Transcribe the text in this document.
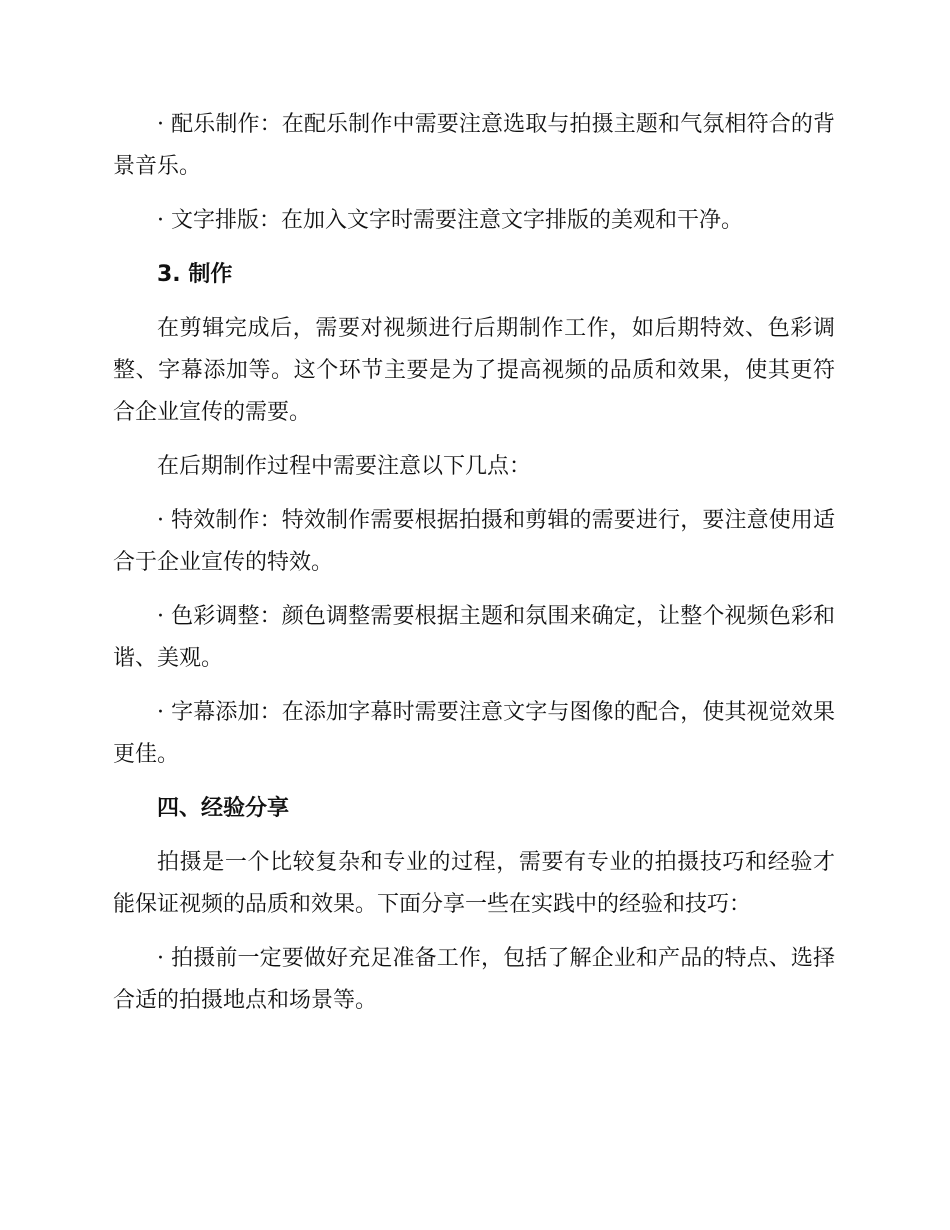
· 配乐制作：在配乐制作中需要注意选取与拍摄主题和气氛相符合的背景音乐。

· 文字排版：在加入文字时需要注意文字排版的美观和干净。

3. 制作

在剪辑完成后，需要对视频进行后期制作工作，如后期特效、色彩调整、字幕添加等。这个环节主要是为了提高视频的品质和效果，使其更符合企业宣传的需要。

在后期制作过程中需要注意以下几点：

· 特效制作：特效制作需要根据拍摄和剪辑的需要进行，要注意使用适合于企业宣传的特效。

· 色彩调整：颜色调整需要根据主题和氛围来确定，让整个视频色彩和谐、美观。

· 字幕添加：在添加字幕时需要注意文字与图像的配合，使其视觉效果更佳。

四、经验分享

拍摄是一个比较复杂和专业的过程，需要有专业的拍摄技巧和经验才能保证视频的品质和效果。下面分享一些在实践中的经验和技巧：

· 拍摄前一定要做好充足准备工作，包括了解企业和产品的特点、选择合适的拍摄地点和场景等。
